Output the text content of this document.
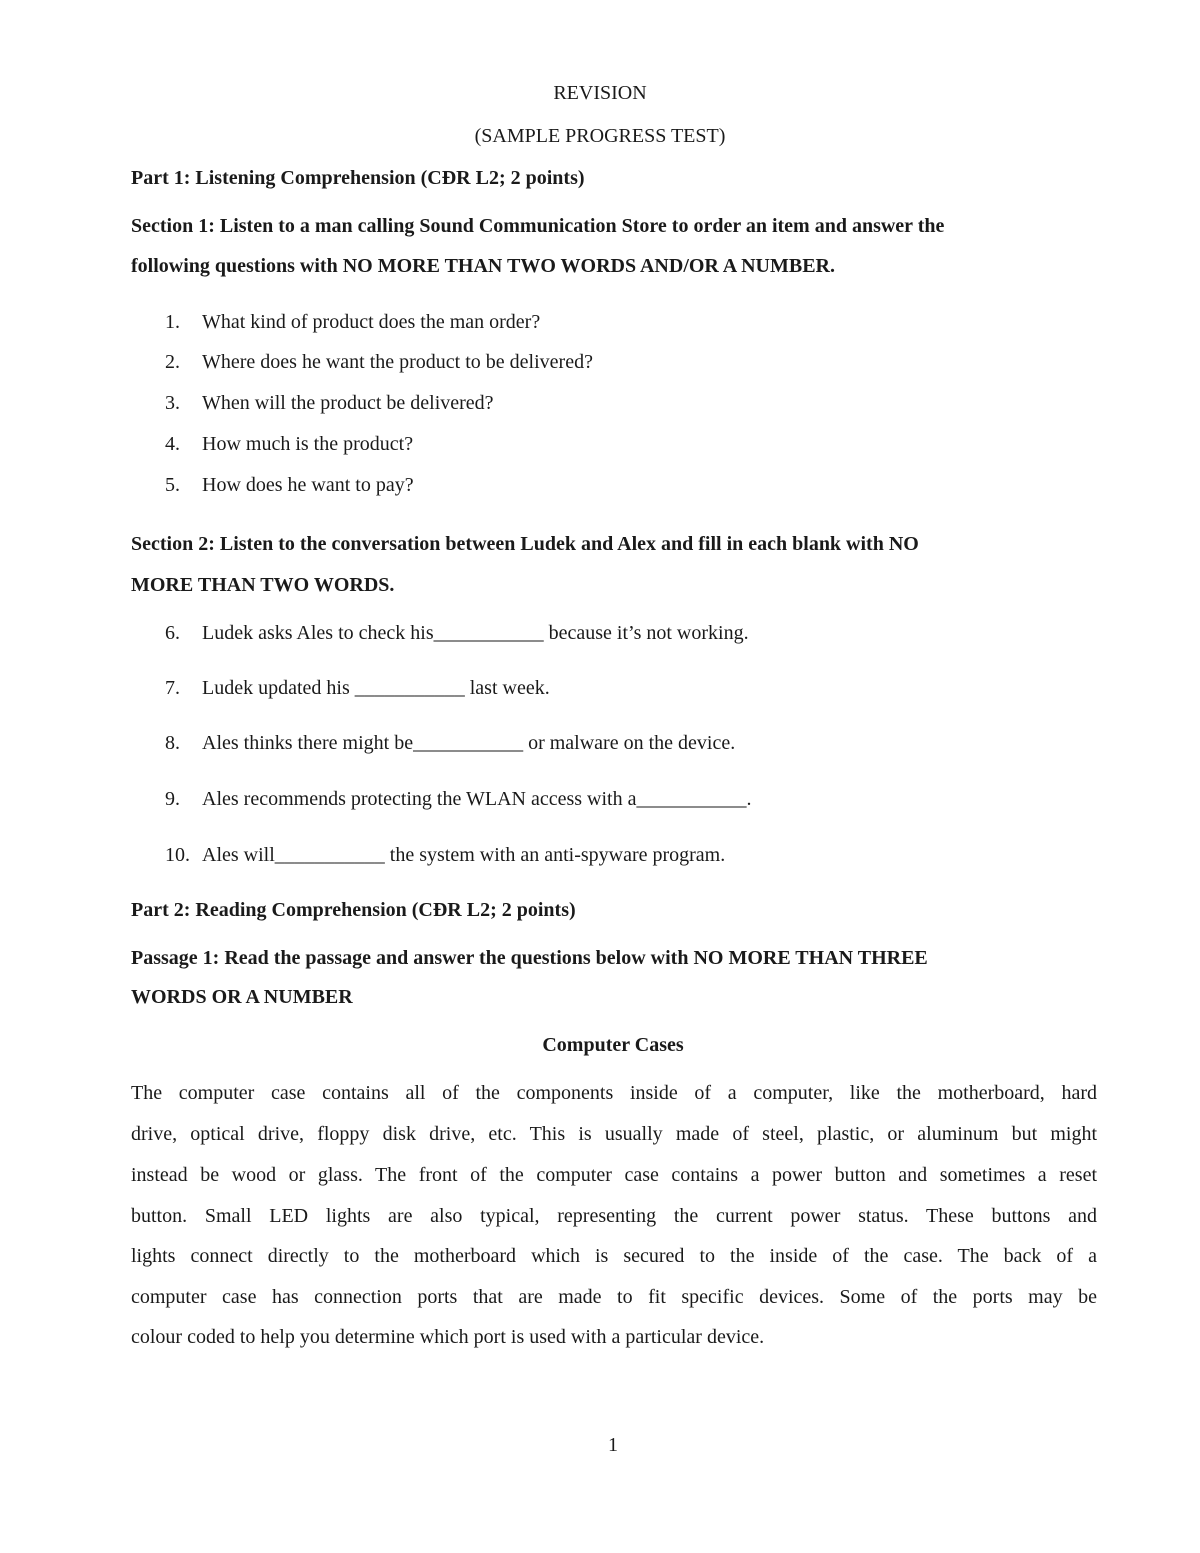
REVISION
(SAMPLE PROGRESS TEST)
Part 1: Listening Comprehension (CĐR L2; 2 points)
Section 1: Listen to a man calling Sound Communication Store to order an item and answer the
following questions with NO MORE THAN TWO WORDS AND/OR A NUMBER.
1. What kind of product does the man order?
2. Where does he want the product to be delivered?
3. When will the product be delivered?
4. How much is the product?
5. How does he want to pay?
Section 2: Listen to the conversation between Ludek and Alex and fill in each blank with NO
MORE THAN TWO WORDS.
6. Ludek asks Ales to check his___________ because it’s not working.
7. Ludek updated his ___________ last week.
8. Ales thinks there might be___________ or malware on the device.
9. Ales recommends protecting the WLAN access with a___________.
10. Ales will___________ the system with an anti-spyware program.
Part 2: Reading Comprehension (CĐR L2; 2 points)
Passage 1: Read the passage and answer the questions below with NO MORE THAN THREE
WORDS OR A NUMBER
Computer Cases
The computer case contains all of the components inside of a computer, like the motherboard, hard
drive, optical drive, floppy disk drive, etc. This is usually made of steel, plastic, or aluminum but might
instead be wood or glass. The front of the computer case contains a power button and sometimes a reset
button. Small LED lights are also typical, representing the current power status. These buttons and
lights connect directly to the motherboard which is secured to the inside of the case. The back of a
computer case has connection ports that are made to fit specific devices. Some of the ports may be
colour coded to help you determine which port is used with a particular device.
1
